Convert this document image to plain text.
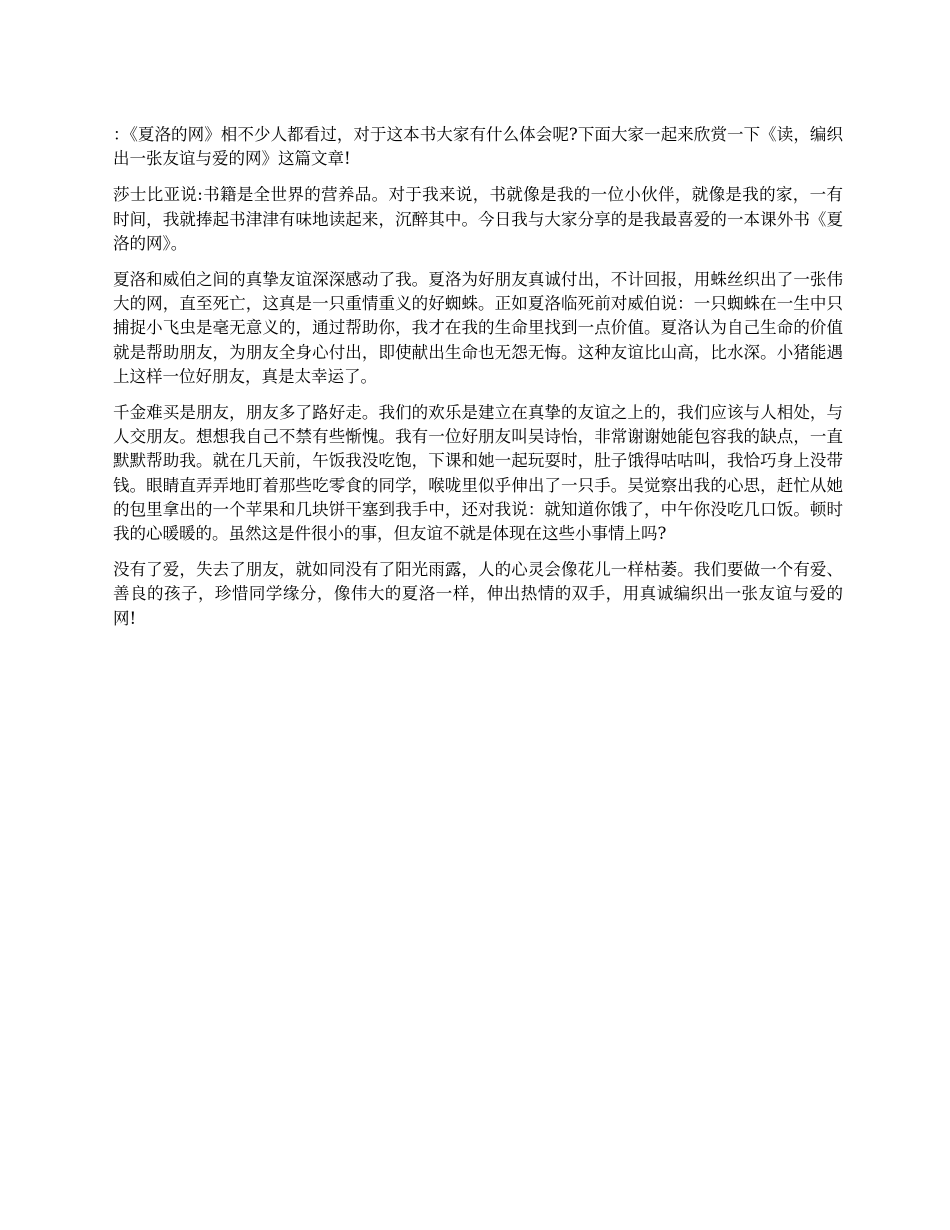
：《夏洛的网》相不少人都看过，对于这本书大家有什么体会呢?下面大家一起来欣赏一下《读，编织出一张友谊与爱的网》这篇文章!

莎士比亚说:书籍是全世界的营养品。对于我来说，书就像是我的一位小伙伴，就像是我的家，一有时间，我就捧起书津津有味地读起来，沉醉其中。今日我与大家分享的是我最喜爱的一本课外书《夏洛的网》。

夏洛和威伯之间的真挚友谊深深感动了我。夏洛为好朋友真诚付出，不计回报，用蛛丝织出了一张伟大的网，直至死亡，这真是一只重情重义的好蜘蛛。正如夏洛临死前对威伯说：一只蜘蛛在一生中只捕捉小飞虫是毫无意义的，通过帮助你，我才在我的生命里找到一点价值。夏洛认为自己生命的价值就是帮助朋友，为朋友全身心付出，即使献出生命也无怨无悔。这种友谊比山高，比水深。小猪能遇上这样一位好朋友，真是太幸运了。

千金难买是朋友，朋友多了路好走。我们的欢乐是建立在真挚的友谊之上的，我们应该与人相处，与人交朋友。想想我自己不禁有些惭愧。我有一位好朋友叫吴诗怡，非常谢谢她能包容我的缺点，一直默默帮助我。就在几天前，午饭我没吃饱，下课和她一起玩耍时，肚子饿得咕咕叫，我恰巧身上没带钱。眼睛直弄弄地盯着那些吃零食的同学，喉咙里似乎伸出了一只手。吴觉察出我的心思，赶忙从她的包里拿出的一个苹果和几块饼干塞到我手中，还对我说：就知道你饿了，中午你没吃几口饭。顿时我的心暖暖的。虽然这是件很小的事，但友谊不就是体现在这些小事情上吗?

没有了爱，失去了朋友，就如同没有了阳光雨露，人的心灵会像花儿一样枯萎。我们要做一个有爱、善良的孩子，珍惜同学缘分，像伟大的夏洛一样，伸出热情的双手，用真诚编织出一张友谊与爱的网!
